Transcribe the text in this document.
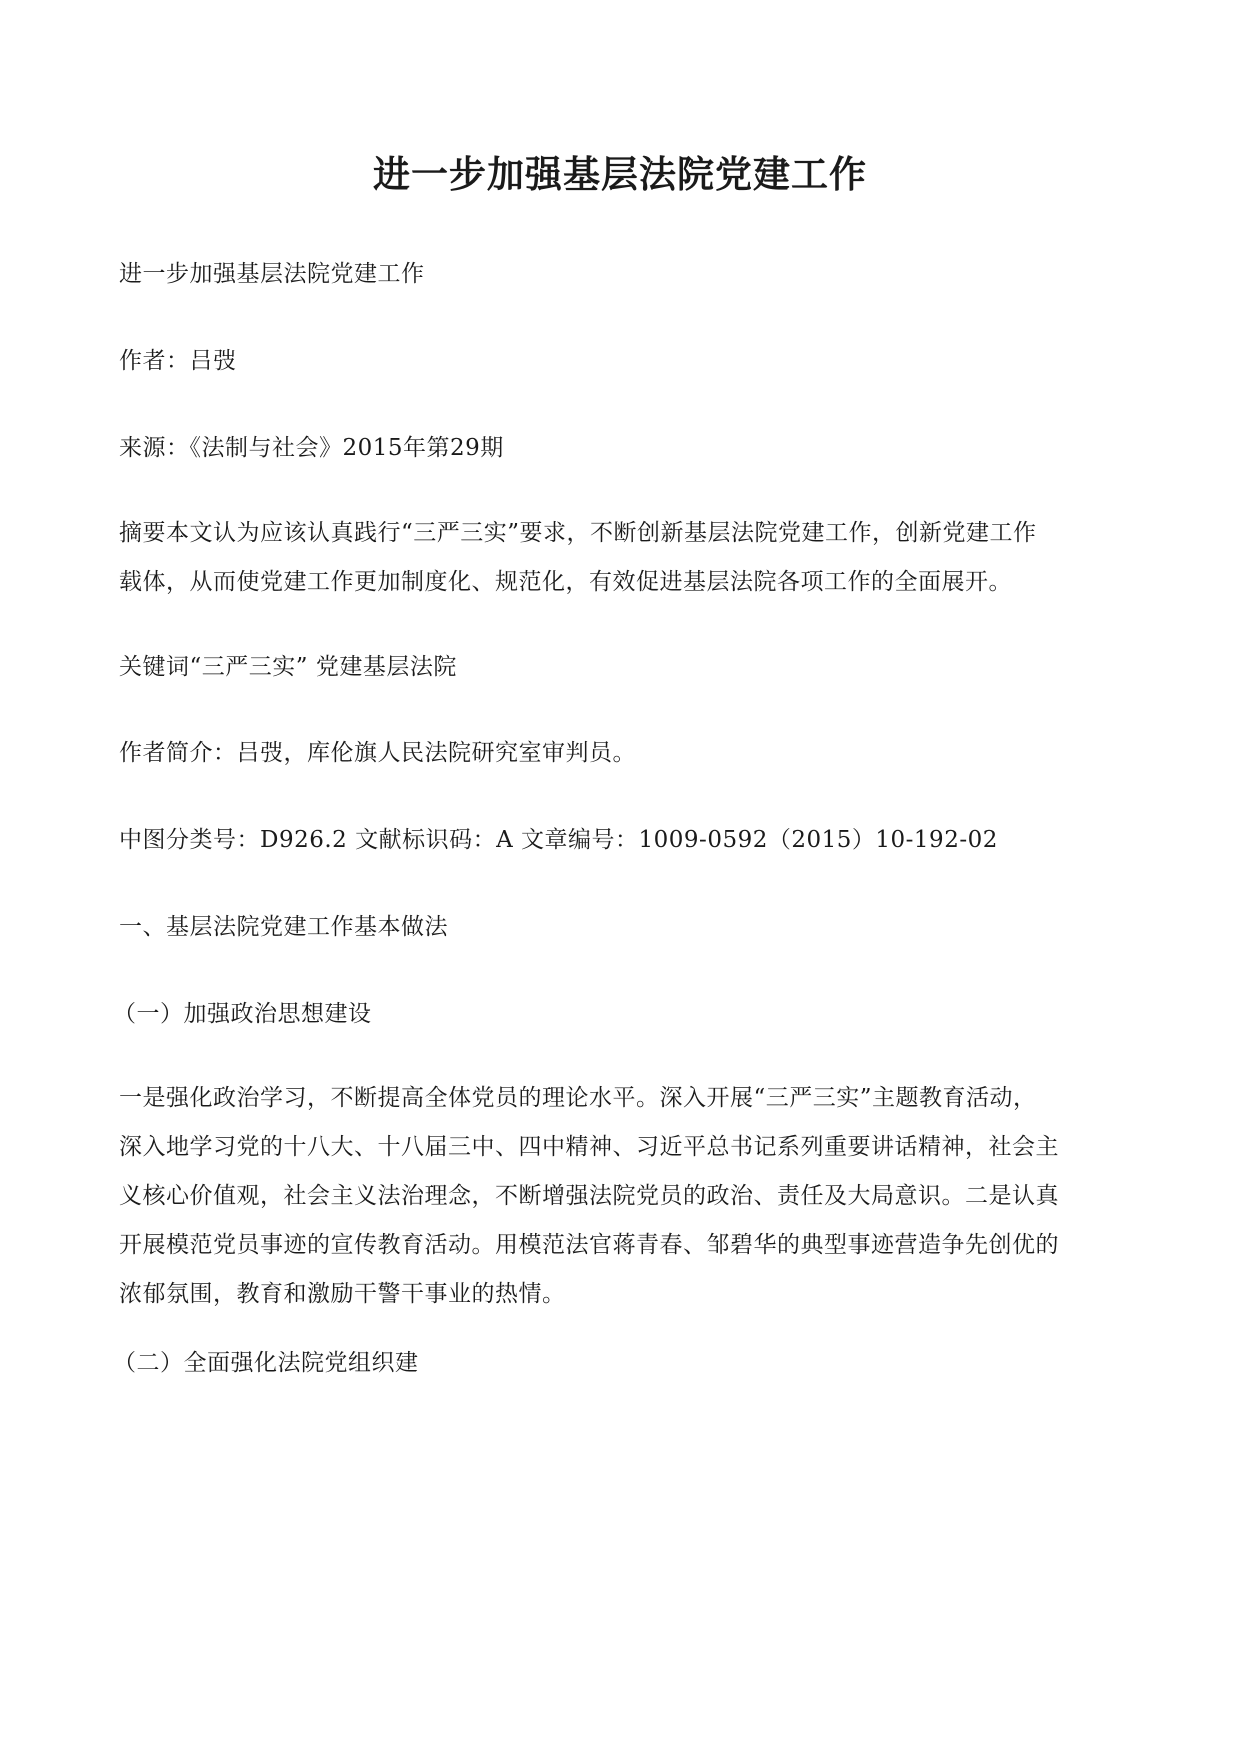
进一步加强基层法院党建工作

进一步加强基层法院党建工作

作者：吕弢

来源：《法制与社会》2015年第29期

摘要本文认为应该认真践行“三严三实”要求，不断创新基层法院党建工作，创新党建工作
载体，从而使党建工作更加制度化、规范化，有效促进基层法院各项工作的全面展开。

关键词“三严三实” 党建基层法院

作者简介：吕弢，库伦旗人民法院研究室审判员。

中图分类号：D926.2 文献标识码：A 文章编号：1009-0592（2015）10-192-02

一、基层法院党建工作基本做法

（一）加强政治思想建设

一是强化政治学习，不断提高全体党员的理论水平。深入开展“三严三实”主题教育活动，
深入地学习党的十八大、十八届三中、四中精神、习近平总书记系列重要讲话精神，社会主
义核心价值观，社会主义法治理念，不断增强法院党员的政治、责任及大局意识。二是认真
开展模范党员事迹的宣传教育活动。用模范法官蒋青春、邹碧华的典型事迹营造争先创优的
浓郁氛围，教育和激励干警干事业的热情。

（二）全面强化法院党组织建
